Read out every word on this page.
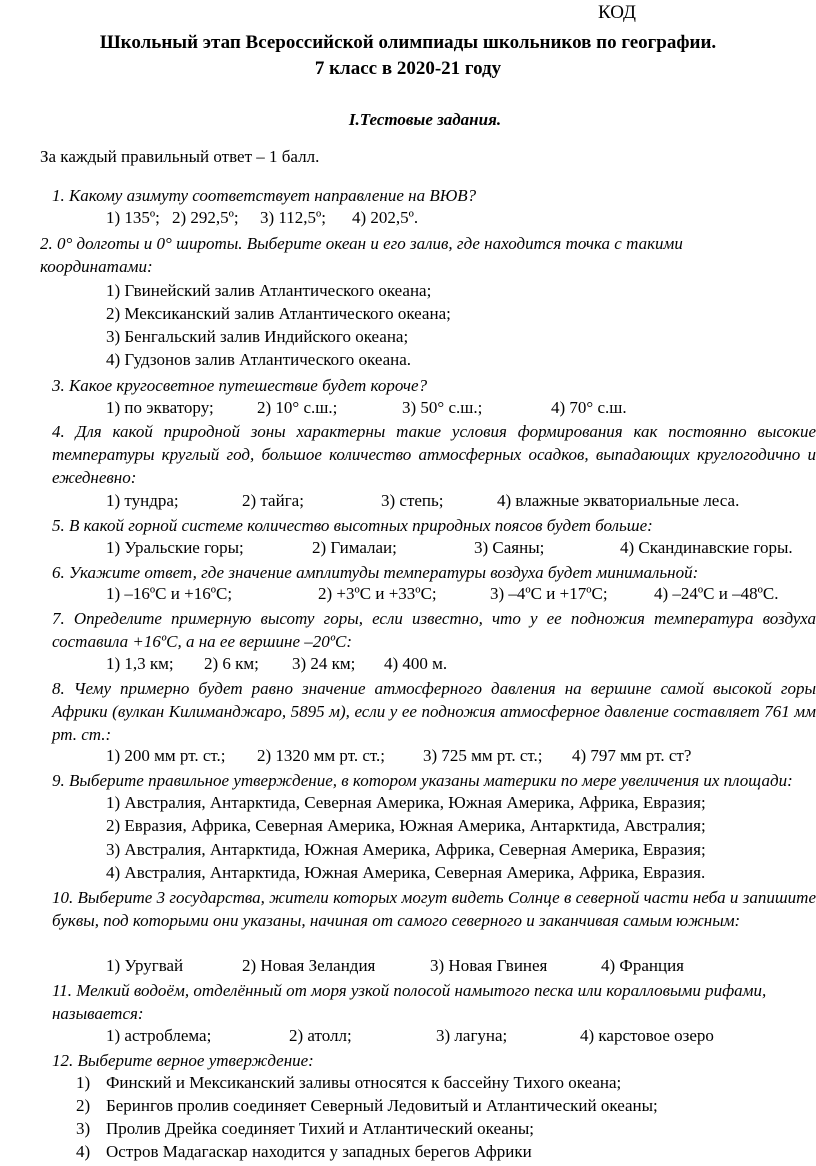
КОД
Школьный этап Всероссийской олимпиады школьников по географии.
7 класс в 2020-21 году
I.Тестовые задания.
За каждый правильный ответ – 1 балл.
1. Какому азимуту соответствует направление на ВЮВ?
1) 135º; 2) 292,5º; 3) 112,5º; 4) 202,5º.
2. 0° долготы и 0° широты. Выберите океан и его залив, где находится точка с такими координатами:
1) Гвинейский залив Атлантического океана;
2) Мексиканский залив Атлантического океана;
3) Бенгальский залив Индийского океана;
4) Гудзонов залив Атлантического океана.
3. Какое кругосветное путешествие будет короче?
1) по экватору;	2) 10° с.ш.;	3) 50° с.ш.;	4) 70° с.ш.
4. Для какой природной зоны характерны такие условия формирования как постоянно высокие температуры круглый год, большое количество атмосферных осадков, выпадающих круглогодично и ежедневно:
1) тундра;	2) тайга;	3) степь;	4) влажные экваториальные леса.
5. В какой горной системе количество высотных природных поясов будет больше:
1) Уральские горы;	2) Гималаи;	3) Саяны;	4) Скандинавские горы.
6. Укажите ответ, где значение амплитуды температуры воздуха будет минимальной:
1) –16ºС и +16ºС;	2) +3ºС и +33ºС;	3) –4ºС и +17ºС;	4) –24ºС и –48ºС.
7. Определите примерную высоту горы, если известно, что у ее подножия температура воздуха составила +16ºС, а на ее вершине –20ºС:
1) 1,3 км; 2) 6 км; 3) 24 км; 4) 400 м.
8. Чему примерно будет равно значение атмосферного давления на вершине самой высокой горы Африки (вулкан Килиманджаро, 5895 м), если у ее подножия атмосферное давление составляет 761 мм рт. ст.:
1) 200 мм рт. ст.; 2) 1320 мм рт. ст.; 3) 725 мм рт. ст.; 4) 797 мм рт. ст?
9. Выберите правильное утверждение, в котором указаны материки по мере увеличения их площади:
1) Австралия, Антарктида, Северная Америка, Южная Америка, Африка, Евразия;
2) Евразия, Африка, Северная Америка, Южная Америка, Антарктида, Австралия;
3) Австралия, Антарктида, Южная Америка, Африка, Северная Америка, Евразия;
4) Австралия, Антарктида, Южная Америка, Северная Америка, Африка, Евразия.
10. Выберите 3 государства, жители которых могут видеть Солнце в северной части неба и запишите буквы, под которыми они указаны, начиная от самого северного и заканчивая самым южным:
1) Уругвай	2) Новая Зеландия	3) Новая Гвинея	4) Франция
11. Мелкий водоём, отделённый от моря узкой полосой намытого песка или коралловыми рифами, называется:
1) астроблема;	2) атолл;	3) лагуна;	4) карстовое озеро
12. Выберите верное утверждение:
1) Финский и Мексиканский заливы относятся к бассейну Тихого океана;
2) Берингов пролив соединяет Северный Ледовитый и Атлантический океаны;
3) Пролив Дрейка соединяет Тихий и Атлантический океаны;
4) Остров Мадагаскар находится у западных берегов Африки
